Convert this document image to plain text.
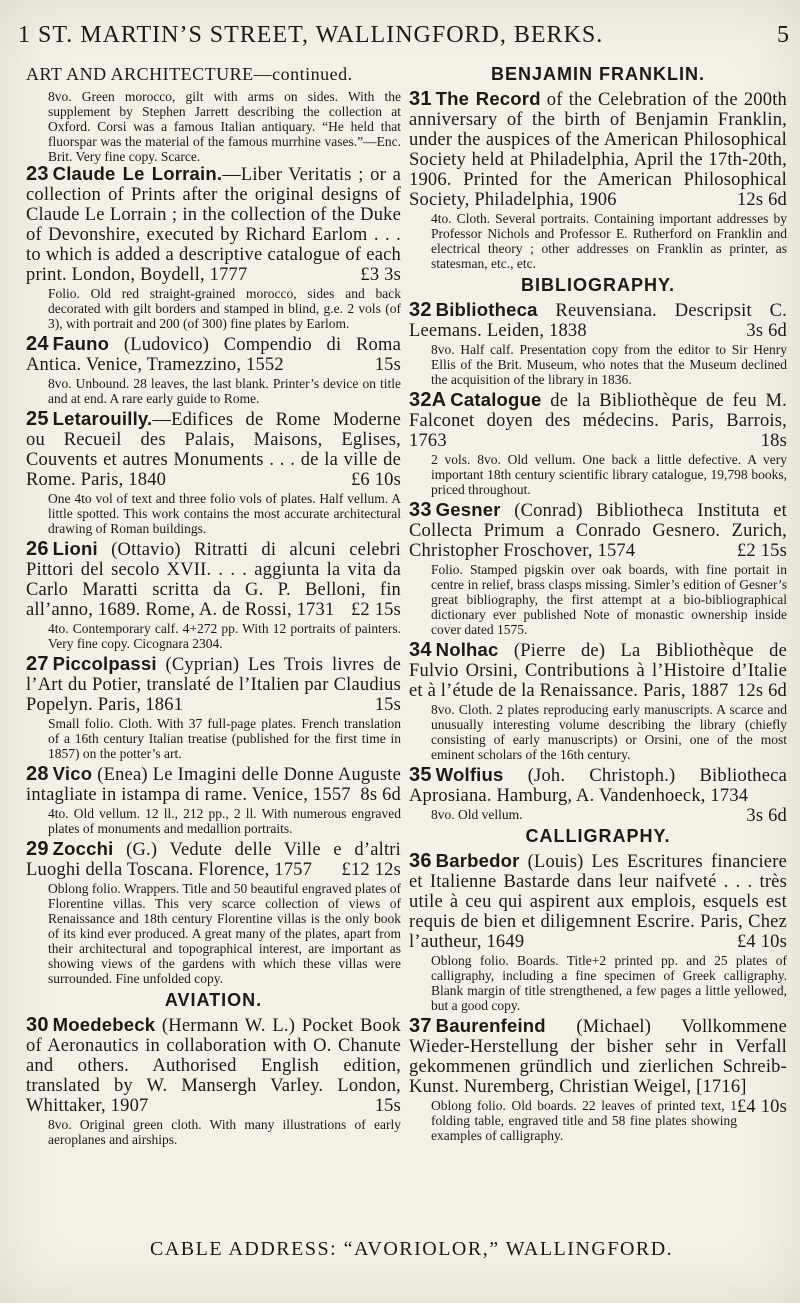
1 ST. MARTIN’S STREET, WALLINGFORD, BERKS.	5
ART AND ARCHITECTURE—continued.
8vo. Green morocco, gilt with arms on sides. With the supplement by Stephen Jarrett describing the collection at Oxford. Corsi was a famous Italian antiquary. “He held that fluorspar was the material of the famous murrhine vases.”—Enc. Brit. Very fine copy. Scarce.
23 Claude Le Lorrain.—Liber Veritatis ; or a collection of Prints after the original designs of Claude Le Lorrain ; in the collection of the Duke of Devonshire, executed by Richard Earlom . . . to which is added a descriptive catalogue of each print. London, Boydell, 1777	£3 3s
Folio. Old red straight-grained morocco, sides and back decorated with gilt borders and stamped in blind, g.e. 2 vols (of 3), with portrait and 200 (of 300) fine plates by Earlom.
24 Fauno (Ludovico) Compendio di Roma Antica. Venice, Tramezzino, 1552	15s
8vo. Unbound. 28 leaves, the last blank. Printer’s device on title and at end. A rare early guide to Rome.
25 Letarouilly.—Edifices de Rome Moderne ou Recueil des Palais, Maisons, Eglises, Couvents et autres Monuments . . . de la ville de Rome. Paris, 1840	£6 10s
One 4to vol of text and three folio vols of plates. Half vellum. A little spotted. This work contains the most accurate architectural drawing of Roman buildings.
26 Lioni (Ottavio) Ritratti di alcuni celebri Pittori del secolo XVII. . . . aggiunta la vita da Carlo Maratti scritta da G. P. Belloni, fin all’anno, 1689. Rome, A. de Rossi, 1731 £2 15s
4to. Contemporary calf. 4+272 pp. With 12 portraits of painters. Very fine copy. Cicognara 2304.
27 Piccolpassi (Cyprian) Les Trois livres de l’Art du Potier, translaté de l’Italien par Claudius Popelyn. Paris, 1861	15s
Small folio. Cloth. With 37 full-page plates. French translation of a 16th century Italian treatise (published for the first time in 1857) on the potter’s art.
28 Vico (Enea) Le Imagini delle Donne Auguste intagliate in istampa di rame. Venice, 1557 8s 6d
4to. Old vellum. 12 ll., 212 pp., 2 ll. With numerous engraved plates of monuments and medallion portraits.
29 Zocchi (G.) Vedute delle Ville e d’altri Luoghi della Toscana. Florence, 1757 £12 12s
Oblong folio. Wrappers. Title and 50 beautiful engraved plates of Florentine villas. This very scarce collection of views of Renaissance and 18th century Florentine villas is the only book of its kind ever produced. A great many of the plates, apart from their architectural and topographical interest, are important as showing views of the gardens with which these villas were surrounded. Fine unfolded copy.
AVIATION.
30 Moedebeck (Hermann W. L.) Pocket Book of Aeronautics in collaboration with O. Chanute and others. Authorised English edition, translated by W. Mansergh Varley. London, Whittaker, 1907	15s
8vo. Original green cloth. With many illustrations of early aeroplanes and airships.
BENJAMIN FRANKLIN.
31 The Record of the Celebration of the 200th anniversary of the birth of Benjamin Franklin, under the auspices of the American Philosophical Society held at Philadelphia, April the 17th-20th, 1906. Printed for the American Philosophical Society, Philadelphia, 1906	12s 6d
4to. Cloth. Several portraits. Containing important addresses by Professor Nichols and Professor E. Rutherford on Franklin and electrical theory ; other addresses on Franklin as printer, as statesman, etc., etc.
BIBLIOGRAPHY.
32 Bibliotheca Reuvensiana. Descripsit C. Leemans. Leiden, 1838	3s 6d
8vo. Half calf. Presentation copy from the editor to Sir Henry Ellis of the Brit. Museum, who notes that the Museum declined the acquisition of the library in 1836.
32A Catalogue de la Bibliothèque de feu M. Falconet doyen des médecins. Paris, Barrois, 1763	18s
2 vols. 8vo. Old vellum. One back a little defective. A very important 18th century scientific library catalogue, 19,798 books, priced throughout.
33 Gesner (Conrad) Bibliotheca Instituta et Collecta Primum a Conrado Gesnero. Zurich, Christopher Froschover, 1574	£2 15s
Folio. Stamped pigskin over oak boards, with fine portait in centre in relief, brass clasps missing. Simler’s edition of Gesner’s great bibliography, the first attempt at a bio-bibliographical dictionary ever published Note of monastic ownership inside cover dated 1575.
34 Nolhac (Pierre de) La Bibliothèque de Fulvio Orsini, Contributions à l’Histoire d’Italie et à l’étude de la Renaissance. Paris, 1887 12s 6d
8vo. Cloth. 2 plates reproducing early manuscripts. A scarce and unusually interesting volume describing the library (chiefly consisting of early manuscripts) or Orsini, one of the most eminent scholars of the 16th century.
35 Wolfius (Joh. Christoph.) Bibliotheca Aprosiana. Hamburg, A. Vandenhoeck, 1734
3s 6d
8vo. Old vellum.
CALLIGRAPHY.
36 Barbedor (Louis) Les Escritures financiere et Italienne Bastarde dans leur naifveté . . . très utile à ceu qui aspirent aux emplois, esquels est requis de bien et diligemnent Escrire. Paris, Chez l’autheur, 1649	£4 10s
Oblong folio. Boards. Title+2 printed pp. and 25 plates of calligraphy, including a fine specimen of Greek calligraphy. Blank margin of title strengthened, a few pages a little yellowed, but a good copy.
37 Baurenfeind (Michael) Vollkommene Wieder-Herstellung der bisher sehr in Verfall gekommenen gründlich und zierlichen Schreib-Kunst. Nuremberg, Christian Weigel, [1716]
£4 10s
Oblong folio. Old boards. 22 leaves of printed text, 1 folding table, engraved title and 58 fine plates showing examples of calligraphy.
CABLE ADDRESS: “AVORIOLOR,” WALLINGFORD.
